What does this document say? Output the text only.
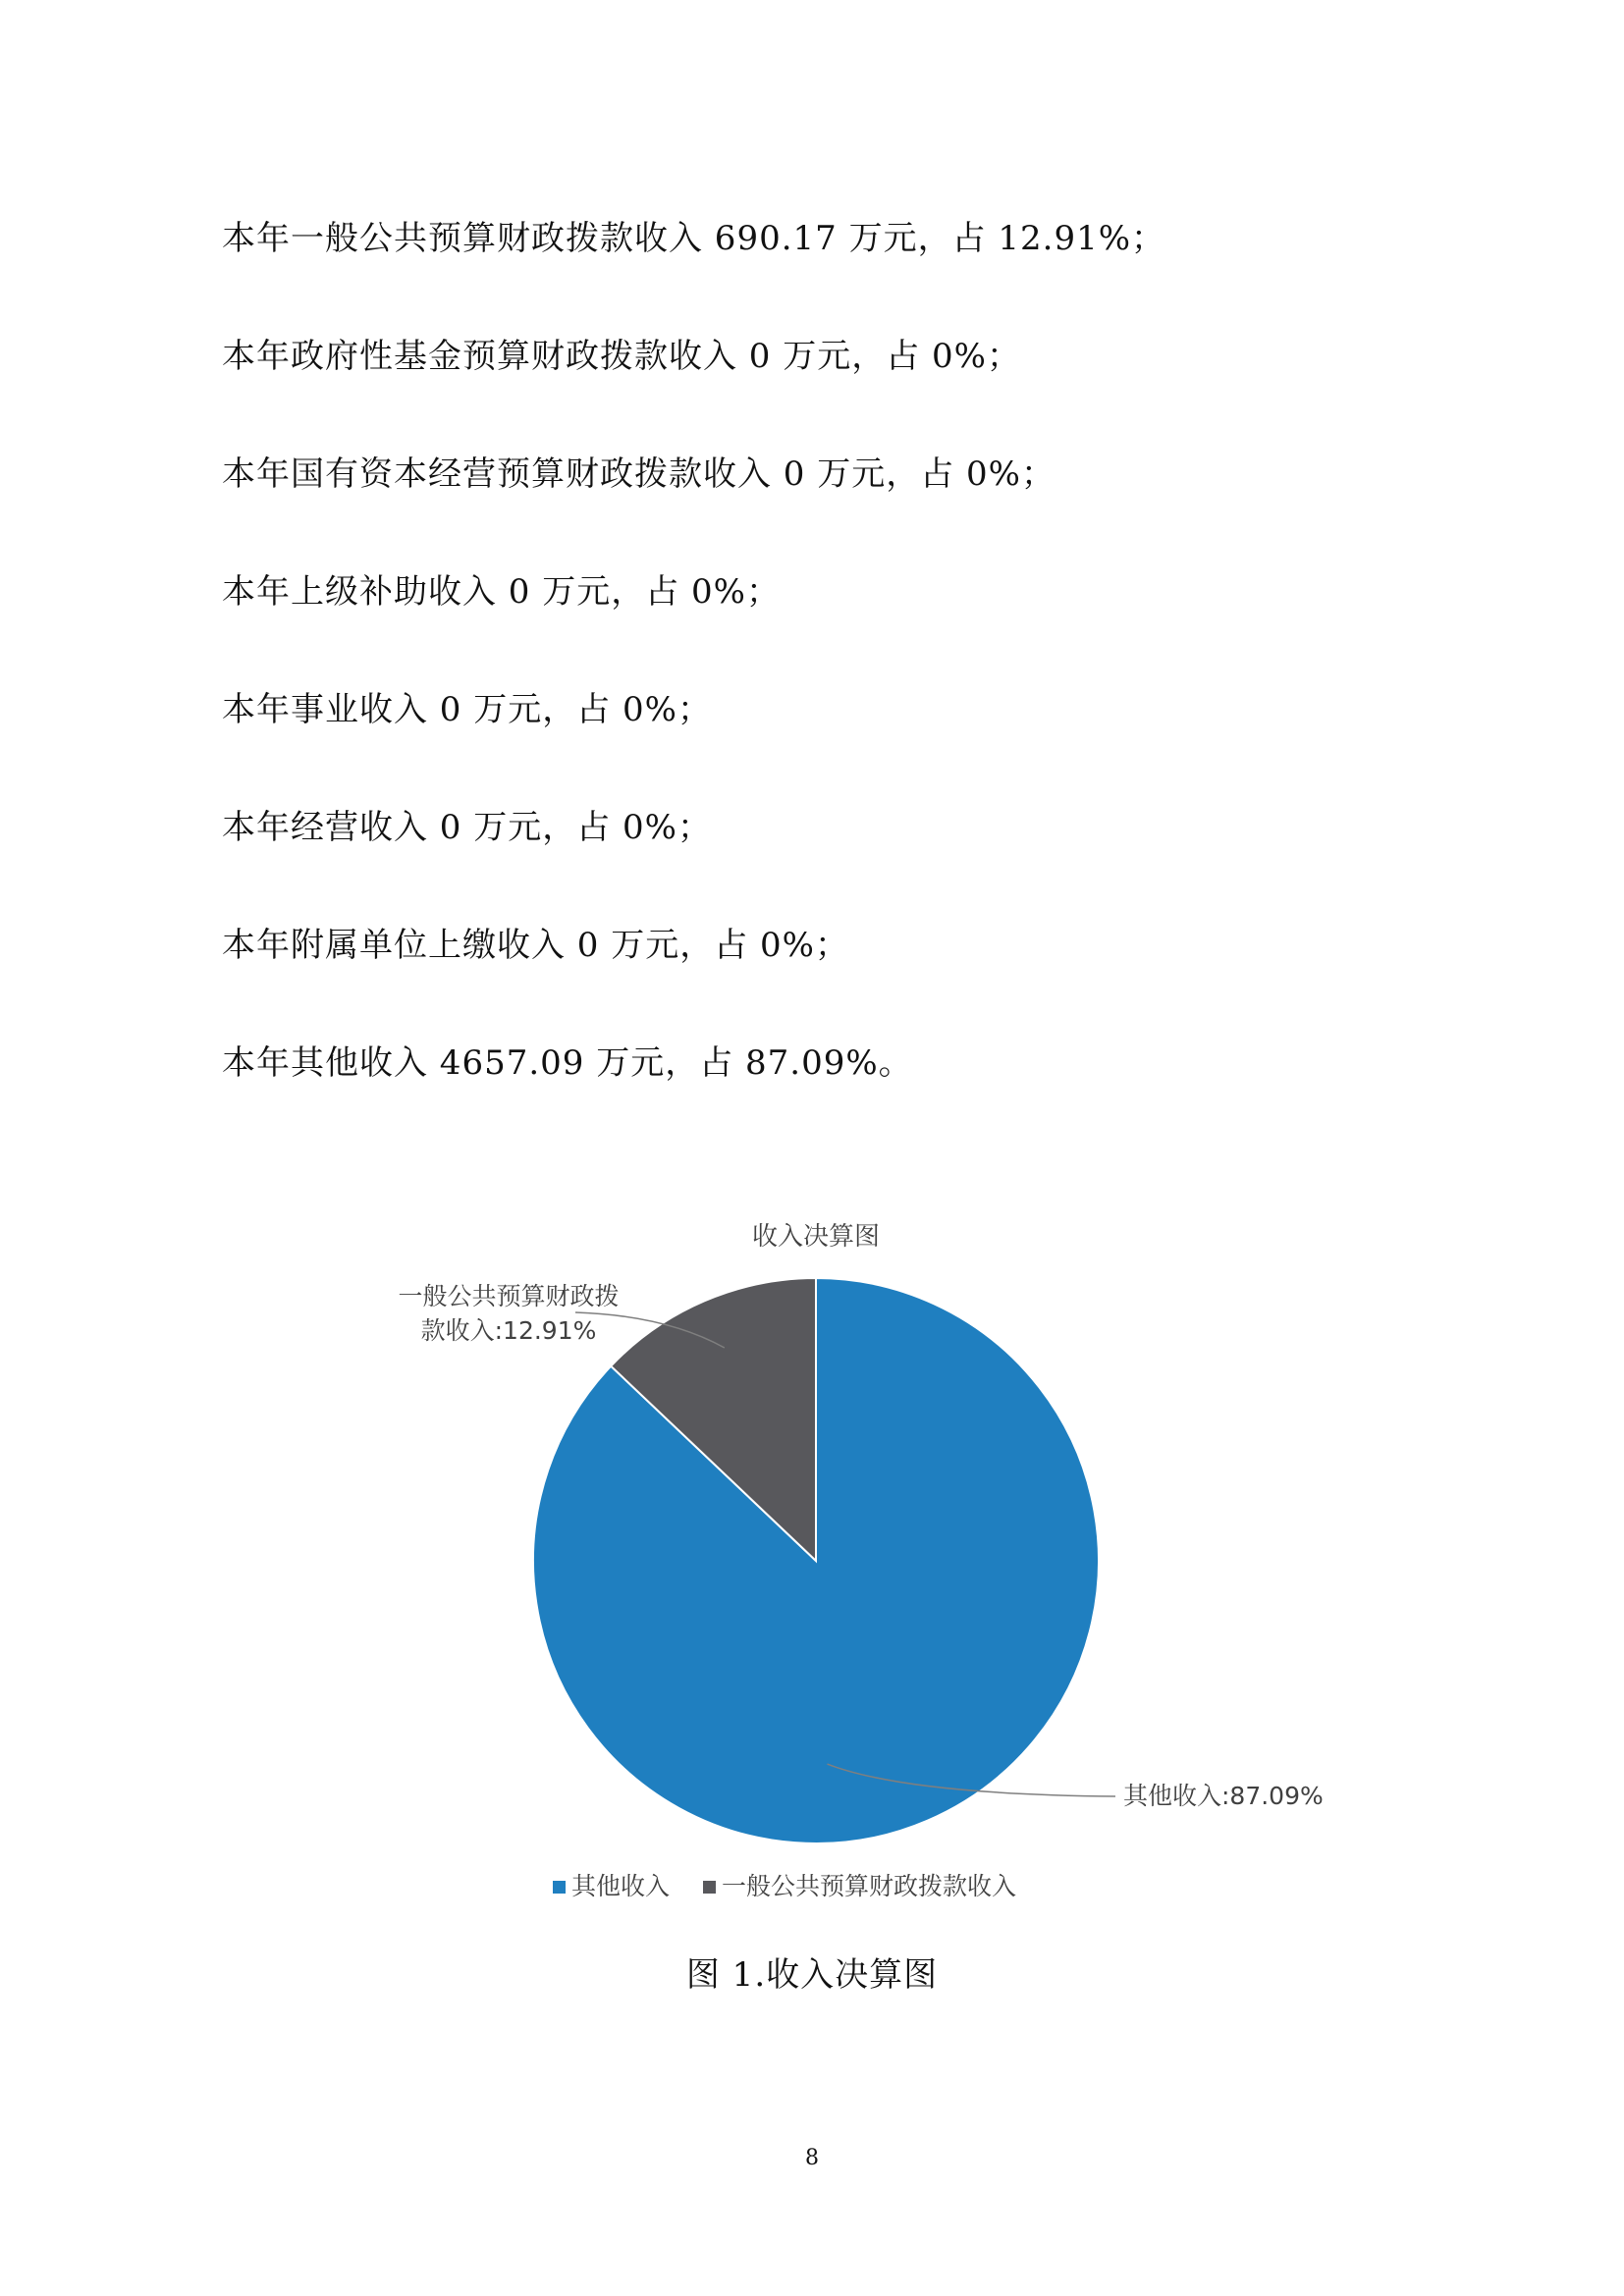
本年一般公共预算财政拨款收入 690.17 万元，占 12.91%；
本年政府性基金预算财政拨款收入 0 万元，占 0%；
本年国有资本经营预算财政拨款收入 0 万元，占 0%；
本年上级补助收入 0 万元，占 0%；
本年事业收入 0 万元，占 0%；
本年经营收入 0 万元，占 0%；
本年附属单位上缴收入 0 万元，占 0%；
本年其他收入 4657.09 万元，占 87.09%。
收入决算图
其他收入:87.09%
一般公共预算财政拨
款收入:12.91%
其他收入 一般公共预算财政拨款收入
图 1.收入决算图
8
